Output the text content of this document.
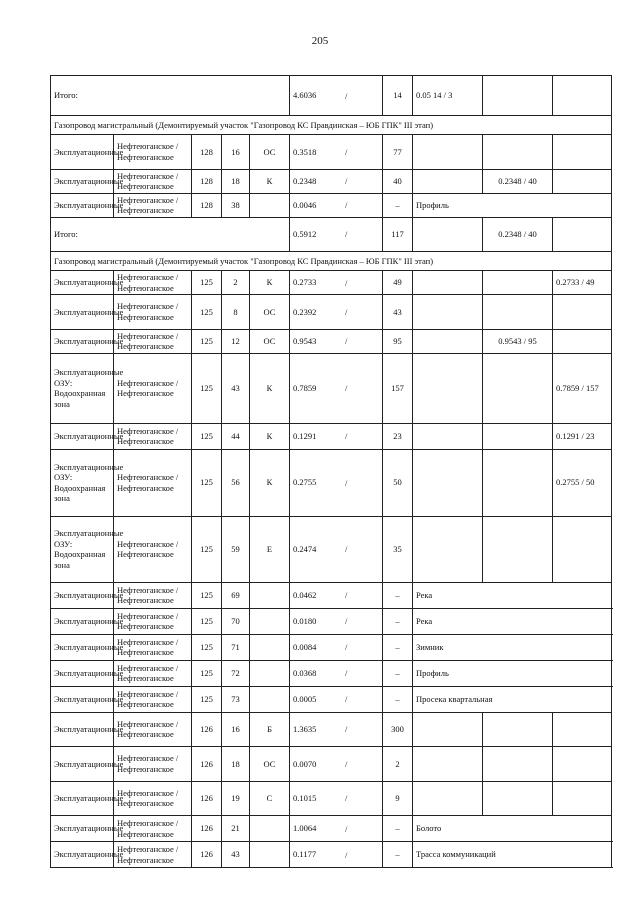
205
Итого:					4.6036 /	14	0.05 14 / 3			
Газопровод магистральный (Демонтируемый участок "Газопровод КС Правдинская – ЮБ ГПК" III этап)										
Эксплуатационные	Нефтеюганское / Нефтеюганское	128	16	ОС	0.3518 /	77				
Эксплуатационные	Нефтеюганское / Нефтеюганское	128	18	К	0.2348 /	40		0.2348 / 40		
Эксплуатационные	Нефтеюганское / Нефтеюганское	128	38		0.0046 /	–	Профиль			
Итого:					0.5912 /	117		0.2348 / 40		
Газопровод магистральный (Демонтируемый участок "Газопровод КС Правдинская – ЮБ ГПК" III этап)										
Эксплуатационные	Нефтеюганское / Нефтеюганское	125	2	К	0.2733 /	49			0.2733 / 49	
Эксплуатационные	Нефтеюганское / Нефтеюганское	125	8	ОС	0.2392 /	43				
Эксплуатационные	Нефтеюганское / Нефтеюганское	125	12	ОС	0.9543 /	95		0.9543 / 95		
Эксплуатационные ОЗУ: Водоохранная зона	Нефтеюганское / Нефтеюганское	125	43	К	0.7859 /	157			0.7859 / 157	
Эксплуатационные	Нефтеюганское / Нефтеюганское	125	44	К	0.1291 /	23			0.1291 / 23	
Эксплуатационные ОЗУ: Водоохранная зона	Нефтеюганское / Нефтеюганское	125	56	К	0.2755 /	50			0.2755 / 50	
Эксплуатационные ОЗУ: Водоохранная зона	Нефтеюганское / Нефтеюганское	125	59	Е	0.2474 /	35				
Эксплуатационные	Нефтеюганское / Нефтеюганское	125	69		0.0462 /	–	Река			
Эксплуатационные	Нефтеюганское / Нефтеюганское	125	70		0.0180 /	–	Река			
Эксплуатационные	Нефтеюганское / Нефтеюганское	125	71		0.0084 /	–	Зимник			
Эксплуатационные	Нефтеюганское / Нефтеюганское	125	72		0.0368 /	–	Профиль			
Эксплуатационные	Нефтеюганское / Нефтеюганское	125	73		0.0005 /	–	Просека квартальная			
Эксплуатационные	Нефтеюганское / Нефтеюганское	126	16	Б	1.3635 /	300				
Эксплуатационные	Нефтеюганское / Нефтеюганское	126	18	ОС	0.0070 /	2				
Эксплуатационные	Нефтеюганское / Нефтеюганское	126	19	С	0.1015 /	9				
Эксплуатационные	Нефтеюганское / Нефтеюганское	126	21		1.0064 /	–	Болото			
Эксплуатационные	Нефтеюганское / Нефтеюганское	126	43		0.1177 /	–	Трасса коммуникаций			
